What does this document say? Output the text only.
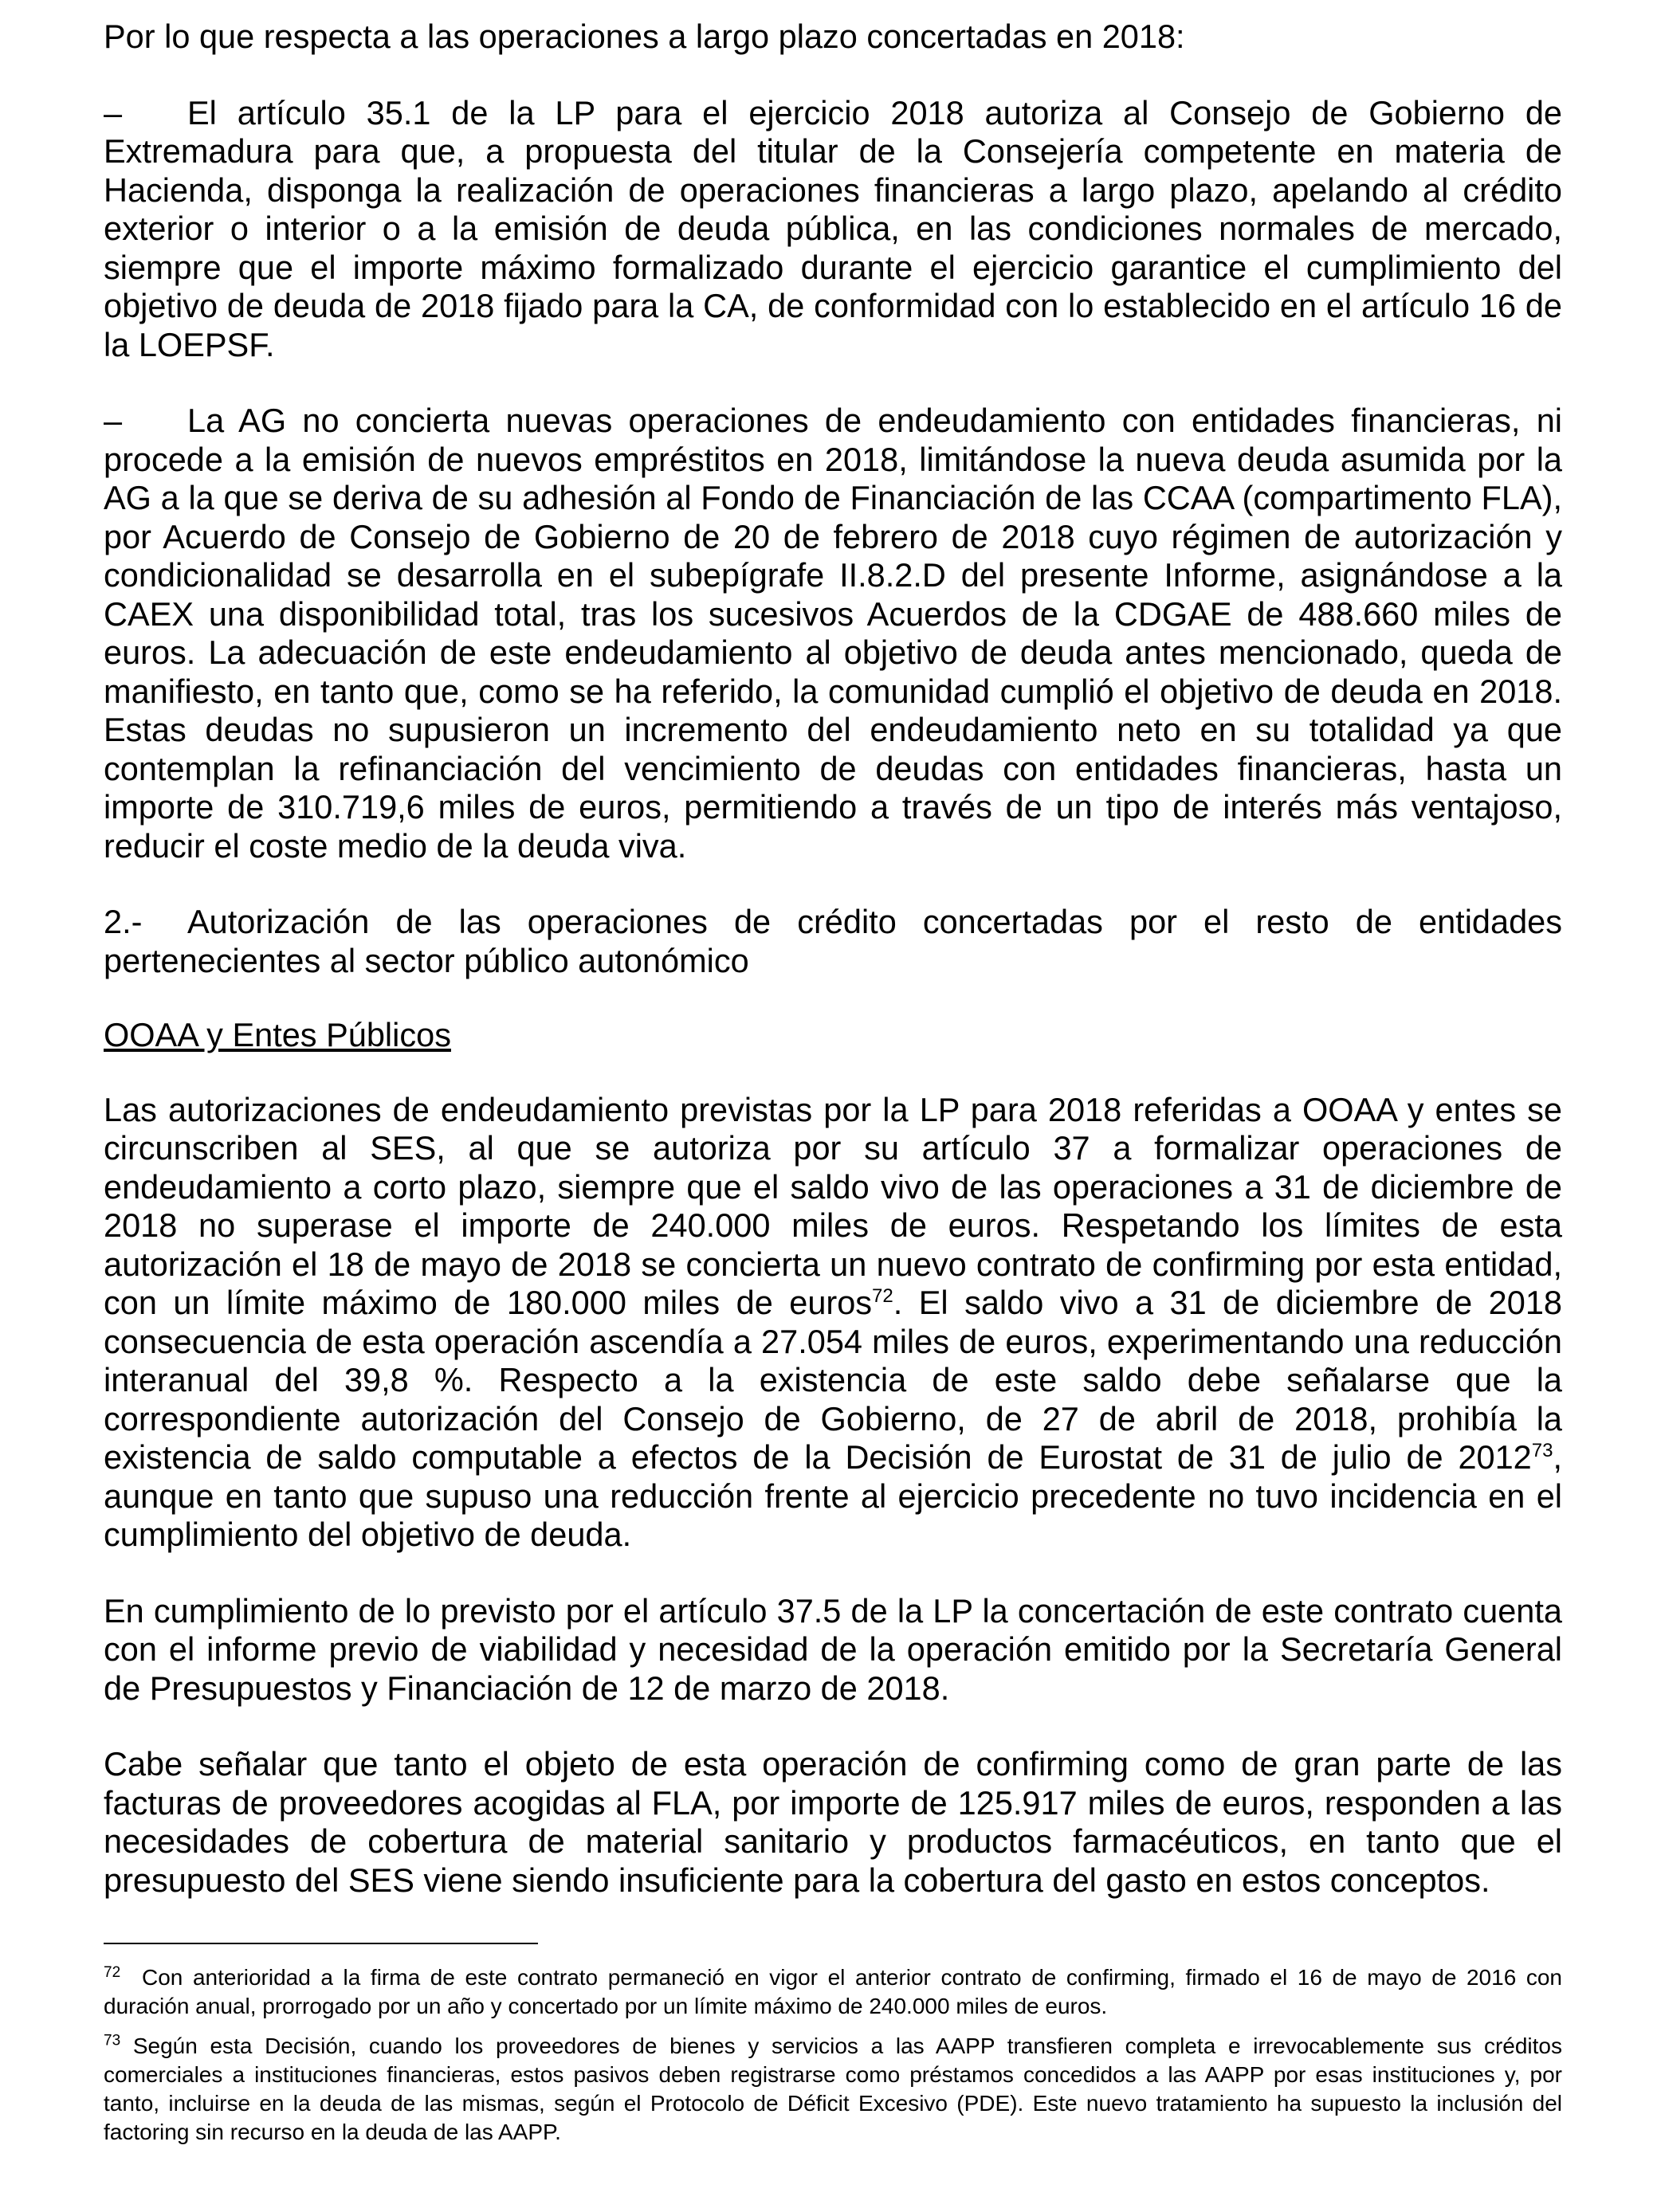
Por lo que respecta a las operaciones a largo plazo concertadas en 2018:

– El artículo 35.1 de la LP para el ejercicio 2018 autoriza al Consejo de Gobierno de Extremadura para que, a propuesta del titular de la Consejería competente en materia de Hacienda, disponga la realización de operaciones financieras a largo plazo, apelando al crédito exterior o interior o a la emisión de deuda pública, en las condiciones normales de mercado, siempre que el importe máximo formalizado durante el ejercicio garantice el cumplimiento del objetivo de deuda de 2018 fijado para la CA, de conformidad con lo establecido en el artículo 16 de la LOEPSF.

– La AG no concierta nuevas operaciones de endeudamiento con entidades financieras, ni procede a la emisión de nuevos empréstitos en 2018, limitándose la nueva deuda asumida por la AG a la que se deriva de su adhesión al Fondo de Financiación de las CCAA (compartimento FLA), por Acuerdo de Consejo de Gobierno de 20 de febrero de 2018 cuyo régimen de autorización y condicionalidad se desarrolla en el subepígrafe II.8.2.D del presente Informe, asignándose a la CAEX una disponibilidad total, tras los sucesivos Acuerdos de la CDGAE de 488.660 miles de euros. La adecuación de este endeudamiento al objetivo de deuda antes mencionado, queda de manifiesto, en tanto que, como se ha referido, la comunidad cumplió el objetivo de deuda en 2018. Estas deudas no supusieron un incremento del endeudamiento neto en su totalidad ya que contemplan la refinanciación del vencimiento de deudas con entidades financieras, hasta un importe de 310.719,6 miles de euros, permitiendo a través de un tipo de interés más ventajoso, reducir el coste medio de la deuda viva.

2.- Autorización de las operaciones de crédito concertadas por el resto de entidades pertenecientes al sector público autonómico

OOAA y Entes Públicos

Las autorizaciones de endeudamiento previstas por la LP para 2018 referidas a OOAA y entes se circunscriben al SES, al que se autoriza por su artículo 37 a formalizar operaciones de endeudamiento a corto plazo, siempre que el saldo vivo de las operaciones a 31 de diciembre de 2018 no superase el importe de 240.000 miles de euros. Respetando los límites de esta autorización el 18 de mayo de 2018 se concierta un nuevo contrato de confirming por esta entidad, con un límite máximo de 180.000 miles de euros$^{72}$. El saldo vivo a 31 de diciembre de 2018 consecuencia de esta operación ascendía a 27.054 miles de euros, experimentando una reducción interanual del 39,8 %. Respecto a la existencia de este saldo debe señalarse que la correspondiente autorización del Consejo de Gobierno, de 27 de abril de 2018, prohibía la existencia de saldo computable a efectos de la Decisión de Eurostat de 31 de julio de 2012$^{73}$, aunque en tanto que supuso una reducción frente al ejercicio precedente no tuvo incidencia en el cumplimiento del objetivo de deuda.

En cumplimiento de lo previsto por el artículo 37.5 de la LP la concertación de este contrato cuenta con el informe previo de viabilidad y necesidad de la operación emitido por la Secretaría General de Presupuestos y Financiación de 12 de marzo de 2018.

Cabe señalar que tanto el objeto de esta operación de confirming como de gran parte de las facturas de proveedores acogidas al FLA, por importe de 125.917 miles de euros, responden a las necesidades de cobertura de material sanitario y productos farmacéuticos, en tanto que el presupuesto del SES viene siendo insuficiente para la cobertura del gasto en estos conceptos.

$^{72}$ Con anterioridad a la firma de este contrato permaneció en vigor el anterior contrato de confirming, firmado el 16 de mayo de 2016 con duración anual, prorrogado por un año y concertado por un límite máximo de 240.000 miles de euros.

$^{73}$ Según esta Decisión, cuando los proveedores de bienes y servicios a las AAPP transfieren completa e irrevocablemente sus créditos comerciales a instituciones financieras, estos pasivos deben registrarse como préstamos concedidos a las AAPP por esas instituciones y, por tanto, incluirse en la deuda de las mismas, según el Protocolo de Déficit Excesivo (PDE). Este nuevo tratamiento ha supuesto la inclusión del factoring sin recurso en la deuda de las AAPP.
